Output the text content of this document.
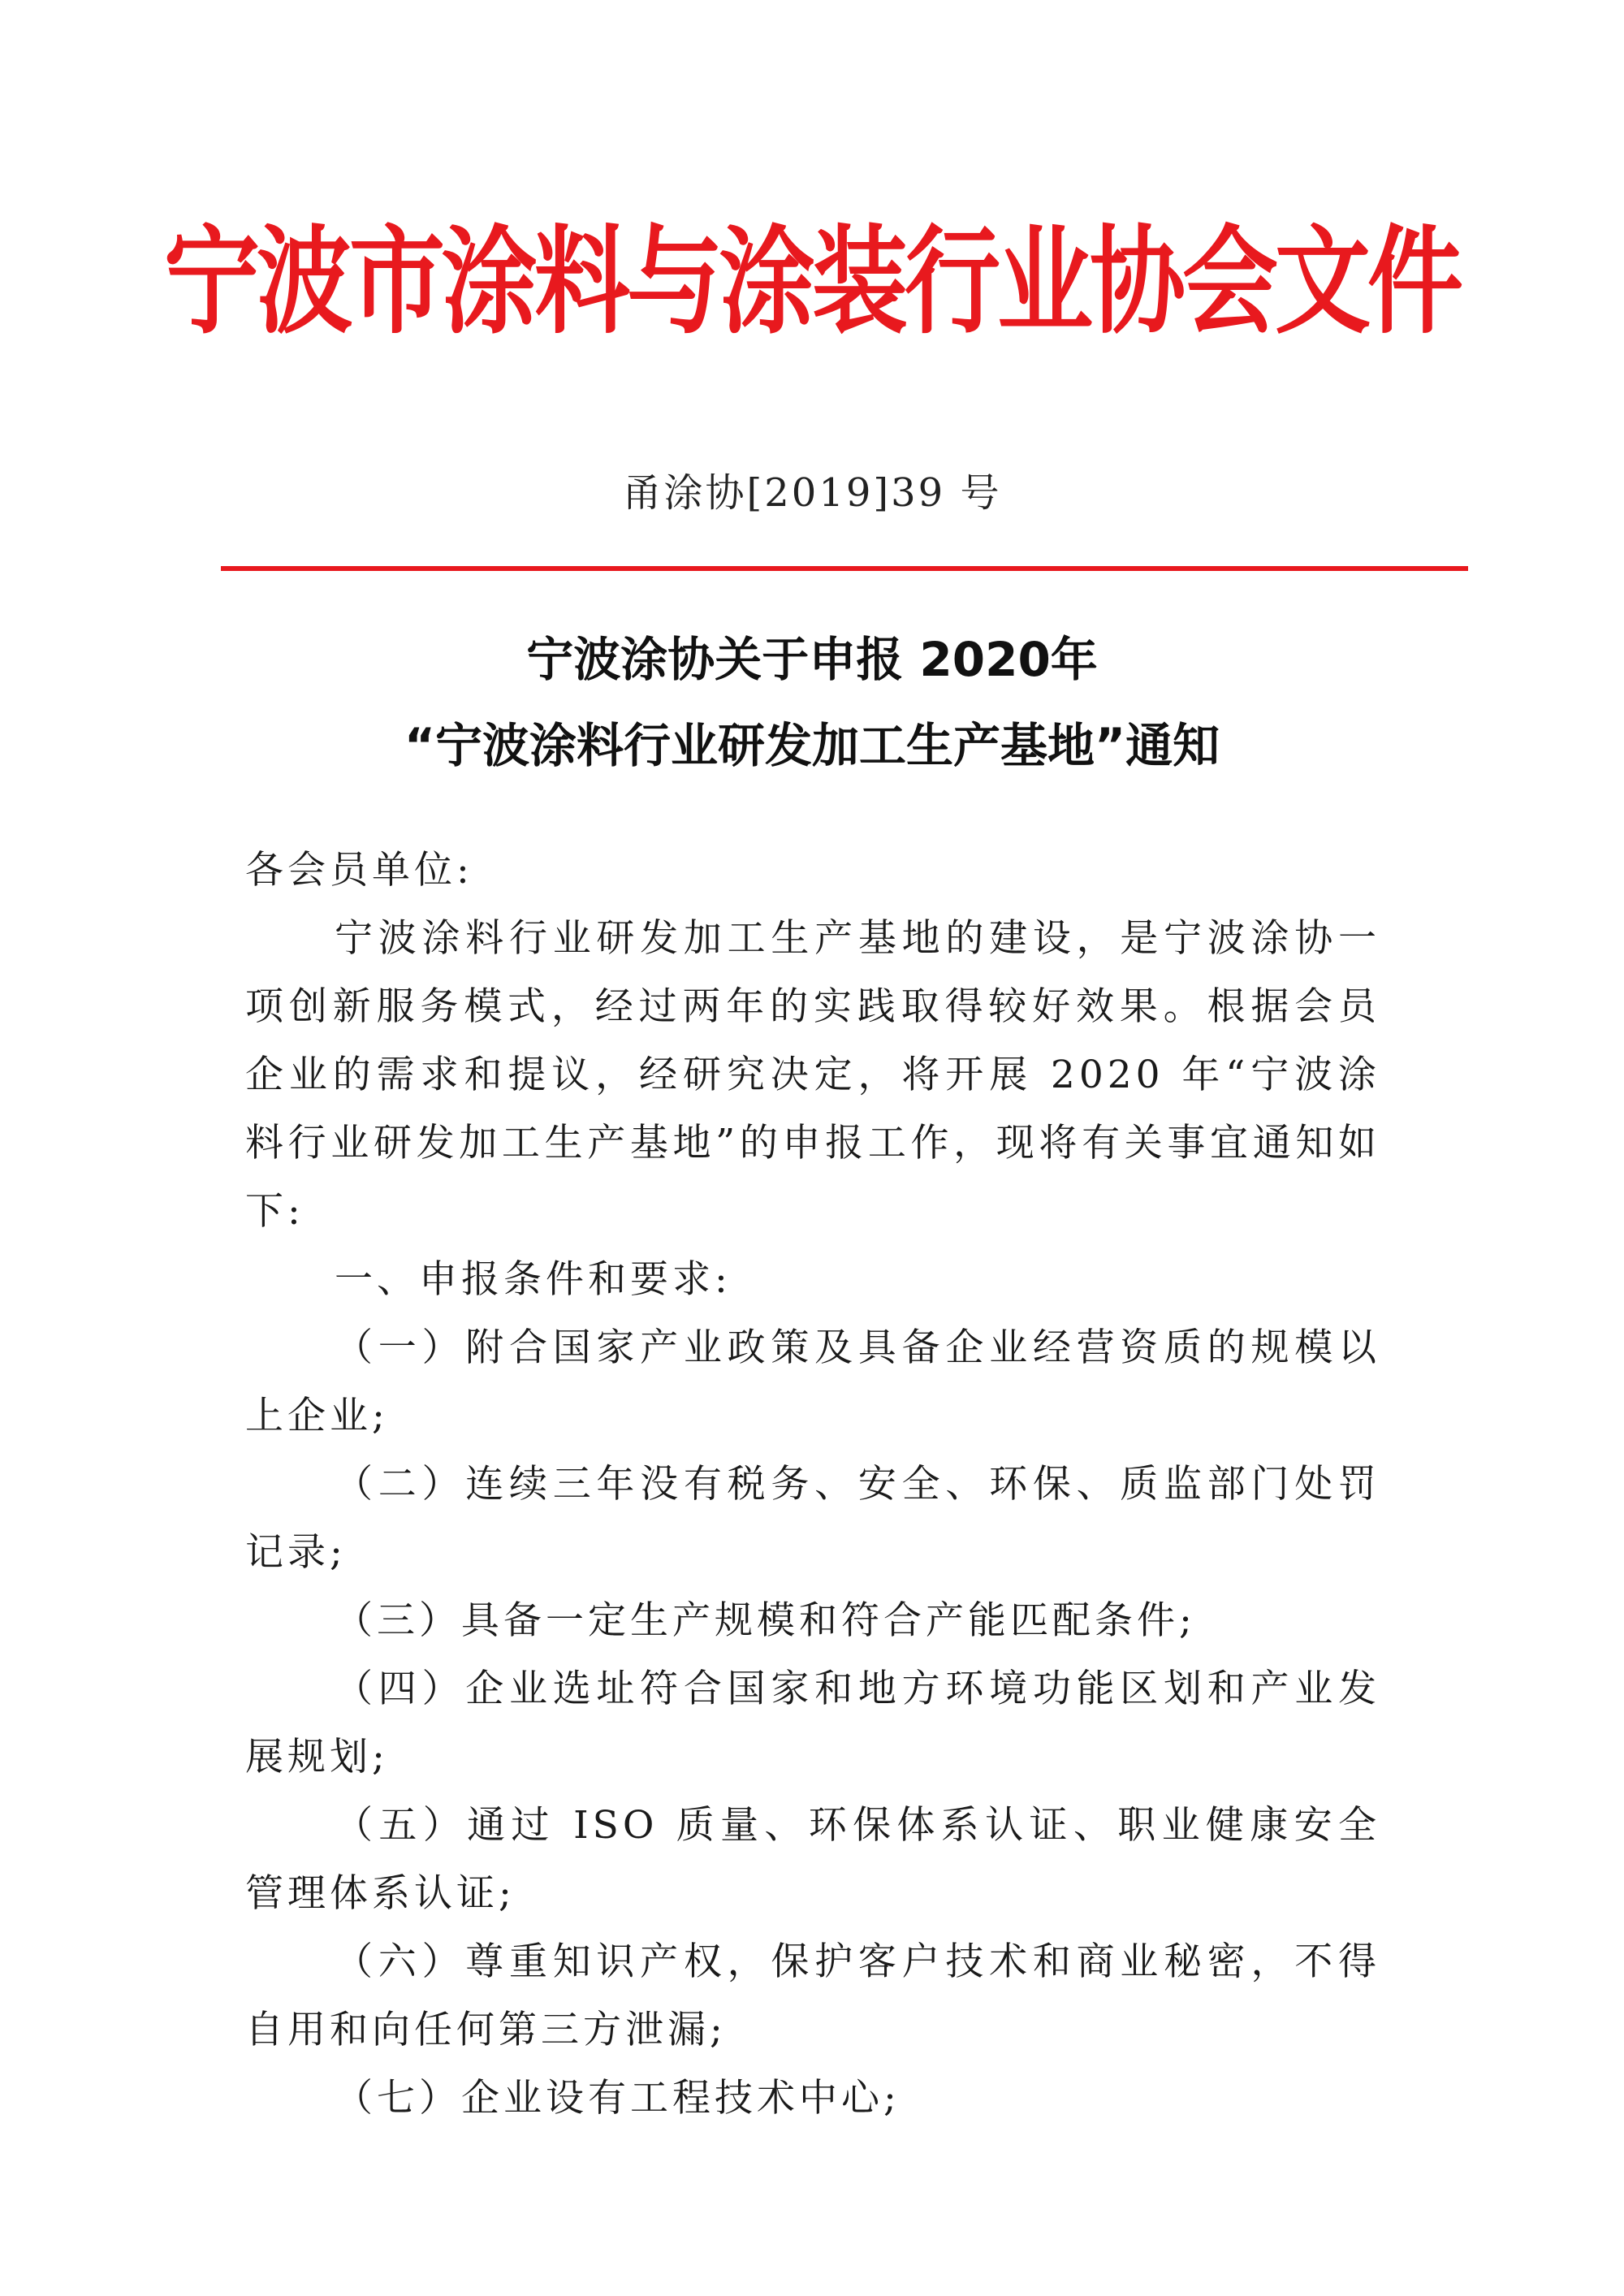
宁波市涂料与涂装行业协会文件
甬涂协[2019]39 号
宁波涂协关于申报 2020年
“宁波涂料行业研发加工生产基地”通知

各会员单位:

宁波涂料行业研发加工生产基地的建设，是宁波涂协一项创新服务模式，经过两年的实践取得较好效果。根据会员企业的需求和提议，经研究决定，将开展 2020 年“宁波涂料行业研发加工生产基地”的申报工作，现将有关事宜通知如下:

一、申报条件和要求:

（一）附合国家产业政策及具备企业经营资质的规模以上企业;

（二）连续三年没有税务、安全、环保、质监部门处罚记录;

（三）具备一定生产规模和符合产能匹配条件;

（四）企业选址符合国家和地方环境功能区划和产业发展规划;

（五）通过 ISO 质量、环保体系认证、职业健康安全管理体系认证;

（六）尊重知识产权，保护客户技术和商业秘密，不得自用和向任何第三方泄漏;

（七）企业设有工程技术中心;
